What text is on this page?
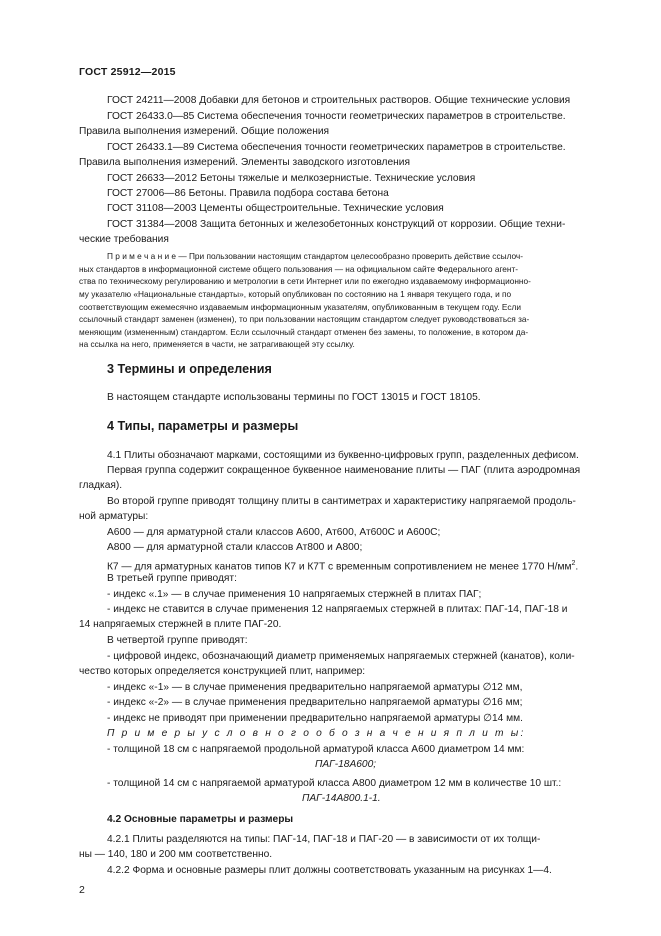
ГОСТ 25912—2015
ГОСТ 24211—2008 Добавки для бетонов и строительных растворов. Общие технические условия
ГОСТ 26433.0—85 Система обеспечения точности геометрических параметров в строительстве.
Правила выполнения измерений. Общие положения
ГОСТ 26433.1—89 Система обеспечения точности геометрических параметров в строительстве.
Правила выполнения измерений. Элементы заводского изготовления
ГОСТ 26633—2012 Бетоны тяжелые и мелкозернистые. Технические условия
ГОСТ 27006—86 Бетоны. Правила подбора состава бетона
ГОСТ 31108—2003 Цементы общестроительные. Технические условия
ГОСТ 31384—2008 Защита бетонных и железобетонных конструкций от коррозии. Общие техни-
ческие требования
П р и м е ч а н и е — При пользовании настоящим стандартом целесообразно проверить действие ссылоч-
ных стандартов в информационной системе общего пользования — на официальном сайте Федерального агент-
ства по техническому регулированию и метрологии в сети Интернет или по ежегодно издаваемому информационно-
му указателю «Национальные стандарты», который опубликован по состоянию на 1 января текущего года, и по
соответствующим ежемесячно издаваемым информационным указателям, опубликованным в текущем году. Если
ссылочный стандарт заменен (изменен), то при пользовании настоящим стандартом следует руководствоваться за-
меняющим (измененным) стандартом. Если ссылочный стандарт отменен без замены, то положение, в котором да-
на ссылка на него, применяется в части, не затрагивающей эту ссылку.
3 Термины и определения
В настоящем стандарте использованы термины по ГОСТ 13015 и ГОСТ 18105.
4 Типы, параметры и размеры
4.1 Плиты обозначают марками, состоящими из буквенно-цифровых групп, разделенных дефисом.
Первая группа содержит сокращенное буквенное наименование плиты — ПАГ (плита аэродромная
гладкая).
Во второй группе приводят толщину плиты в сантиметрах и характеристику напрягаемой продоль-
ной арматуры:
А600 — для арматурной стали классов А600, Ат600, Ат600С и А600С;
А800 — для арматурной стали классов Ат800 и А800;
К7 — для арматурных канатов типов К7 и К7Т с временным сопротивлением не менее 1770 $Н/мм^2$.
В третьей группе приводят:
- индекс «.1» — в случае применения 10 напрягаемых стержней в плитах ПАГ;
- индекс не ставится в случае применения 12 напрягаемых стержней в плитах: ПАГ-14, ПАГ-18 и
14 напрягаемых стержней в плите ПАГ-20.
В четвертой группе приводят:
- цифровой индекс, обозначающий диаметр применяемых напрягаемых стержней (канатов), коли-
чество которых определяется конструкцией плит, например:
- индекс «-1» — в случае применения предварительно напрягаемой арматуры ∅12 мм,
- индекс «-2» — в случае применения предварительно напрягаемой арматуры ∅16 мм;
- индекс не приводят при применении предварительно напрягаемой арматуры ∅14 мм.
П р и м е р ы у с л о в н о г о о б о з н а ч е н и я п л и т ы:
- толщиной 18 см с напрягаемой продольной арматурой класса А600 диаметром 14 мм:
ПАГ-18А600;
- толщиной 14 см с напрягаемой арматурой класса А800 диаметром 12 мм в количестве 10 шт.:
ПАГ-14А800.1-1.
4.2 Основные параметры и размеры
4.2.1 Плиты разделяются на типы: ПАГ-14, ПАГ-18 и ПАГ-20 — в зависимости от их толщи-
ны — 140, 180 и 200 мм соответственно.
4.2.2 Форма и основные размеры плит должны соответствовать указанным на рисунках 1—4.
2
